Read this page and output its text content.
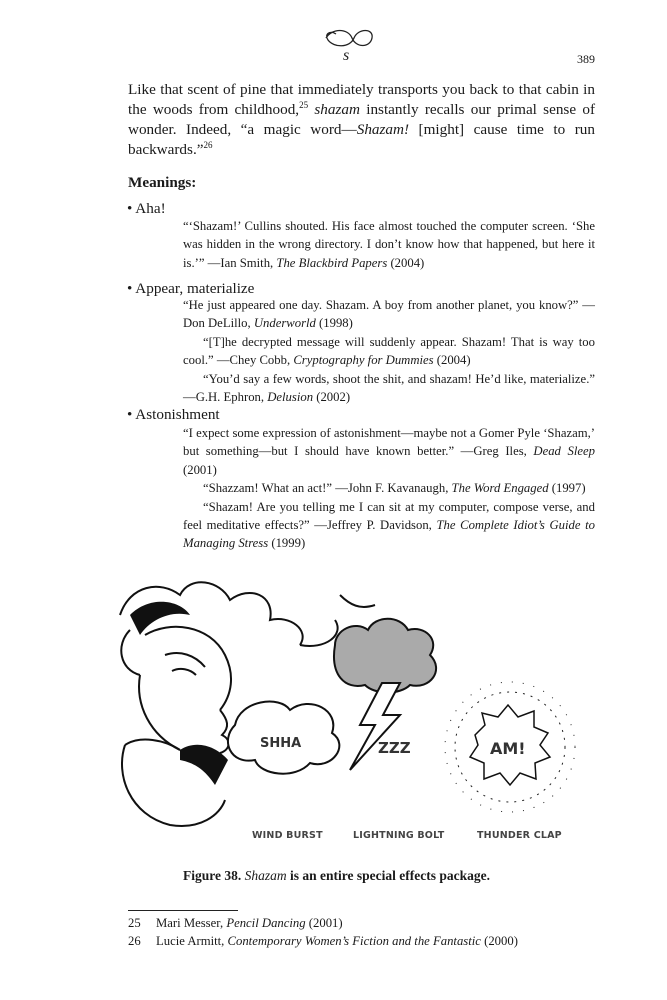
s	389

Like that scent of pine that immediately transports you back to that cabin in the woods from childhood,$^{25}$ shazam instantly recalls our primal sense of wonder. Indeed, “a magic word—Shazam! [might] cause time to run backwards.”$^{26}$

Meanings:

• Aha!

“‘Shazam!’ Cullins shouted. His face almost touched the computer screen. ‘She was hidden in the wrong directory. I don’t know how that happened, but here it is.’” —Ian Smith, The Blackbird Papers (2004)

• Appear, materialize

“He just appeared one day. Shazam. A boy from another planet, you know?” —Don DeLillo, Underworld (1998)

“[T]he decrypted message will suddenly appear. Shazam! That is way too cool.” —Chey Cobb, Cryptography for Dummies (2004)

“You’d say a few words, shoot the shit, and shazam! He’d like, materialize.” —G.H. Ephron, Delusion (2002)

• Astonishment

“I expect some expression of astonishment—maybe not a Gomer Pyle ‘Shazam,’ but something—but I should have known better.” —Greg Iles, Dead Sleep (2001)

“Shazzam! What an act!” —John F. Kavanaugh, The Word Engaged (1997)

“Shazam! Are you telling me I can sit at my computer, compose verse, and feel meditative effects?” —Jeffrey P. Davidson, The Complete Idiot’s Guide to Managing Stress (1999)

SHHA	ZZZ	AM!
WIND BURST	LIGHTNING BOLT	THUNDER CLAP

Figure 38. Shazam is an entire special effects package.

25 Mari Messer, Pencil Dancing (2001)

26 Lucie Armitt, Contemporary Women’s Fiction and the Fantastic (2000)
